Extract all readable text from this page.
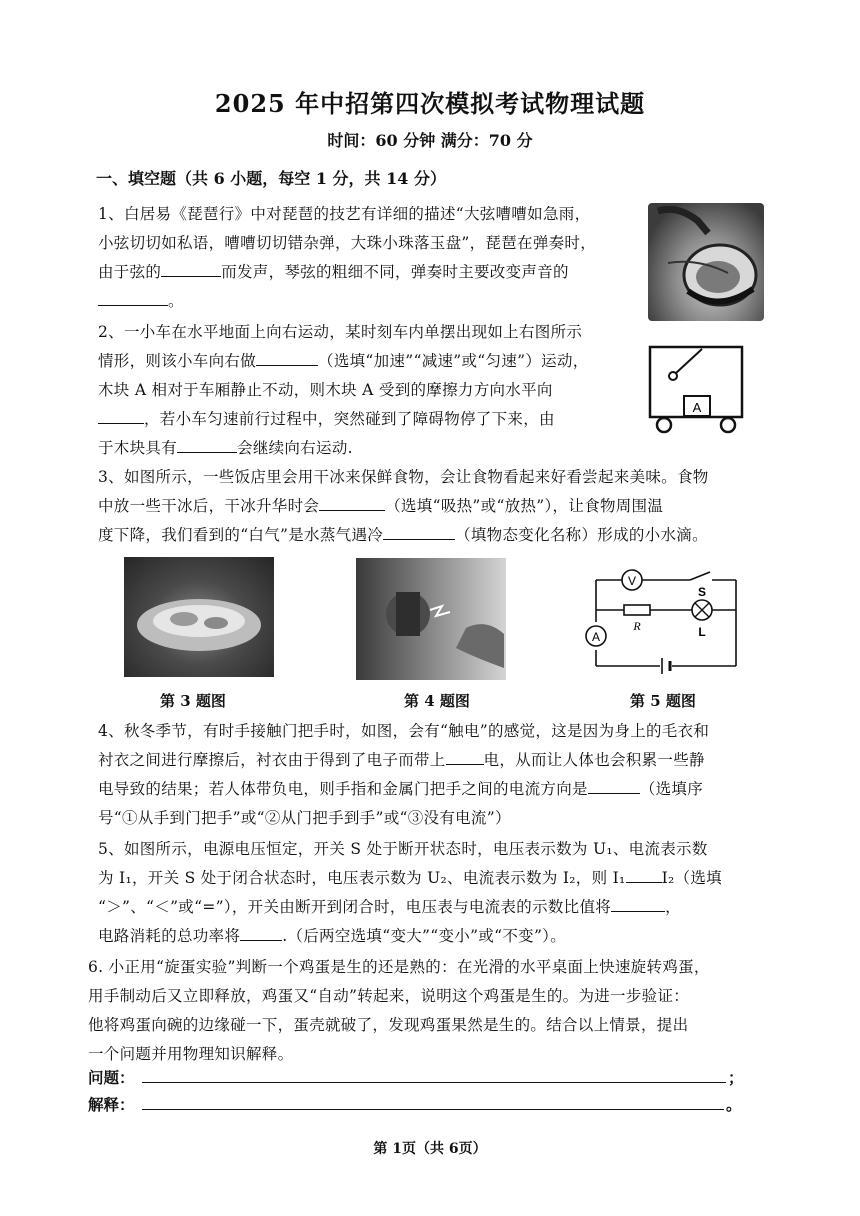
2025 年中招第四次模拟考试物理试题
时间：60 分钟 满分：70 分
一、填空题（共 6 小题，每空 1 分，共 14 分）
1、白居易《琵琶行》中对琵琶的技艺有详细的描述“大弦嘈嘈如急雨，
小弦切切如私语，嘈嘈切切错杂弹，大珠小珠落玉盘”，琵琶在弹奏时，
由于弦的	而发声，琴弦的粗细不同，弹奏时主要改变声音的
。
2、一小车在水平地面上向右运动，某时刻车内单摆出现如上右图所示
情形，则该小车向右做	（选填“加速”“减速”或“匀速”）运动，
木块 A 相对于车厢静止不动，则木块 A 受到的摩擦力方向水平向
，若小车匀速前行过程中，突然碰到了障碍物停了下来，由
于木块具有	会继续向右运动.
A
3、如图所示，一些饭店里会用干冰来保鲜食物，会让食物看起来好看尝起来美味。食物
中放一些干冰后，干冰升华时会	（选填“吸热”或“放热”），让食物周围温
度下降，我们看到的“白气”是水蒸气遇冷	（填物态变化名称）形成的小水滴。
第 3 题图	第 4 题图
V
S
R	L
A
第 5 题图
4、秋冬季节，有时手接触门把手时，如图，会有“触电”的感觉，这是因为身上的毛衣和
衬衣之间进行摩擦后，衬衣由于得到了电子而带上 电，从而让人体也会积累一些静
电导致的结果；若人体带负电，则手指和金属门把手之间的电流方向是	（选填序
号“①从手到门把手”或“②从门把手到手”或“③没有电流”）
5、如图所示，电源电压恒定，开关 S 处于断开状态时，电压表示数为 U₁、电流表示数
为 I₁，开关 S 处于闭合状态时，电压表示数为 U₂、电流表示数为 I₂，则 I₁ I₂（选填
“＞”、“＜”或“=”），开关由断开到闭合时，电压表与电流表的示数比值将	，
电路消耗的总功率将	.（后两空选填“变大”“变小”或“不变”）。
6. 小正用“旋蛋实验”判断一个鸡蛋是生的还是熟的：在光滑的水平桌面上快速旋转鸡蛋，
用手制动后又立即释放，鸡蛋又“自动”转起来，说明这个鸡蛋是生的。为进一步验证：
他将鸡蛋向碗的边缘碰一下，蛋壳就破了，发现鸡蛋果然是生的。结合以上情景，提出
一个问题并用物理知识解释。
问题：	；
解释：	。
第 1页（共 6页）
